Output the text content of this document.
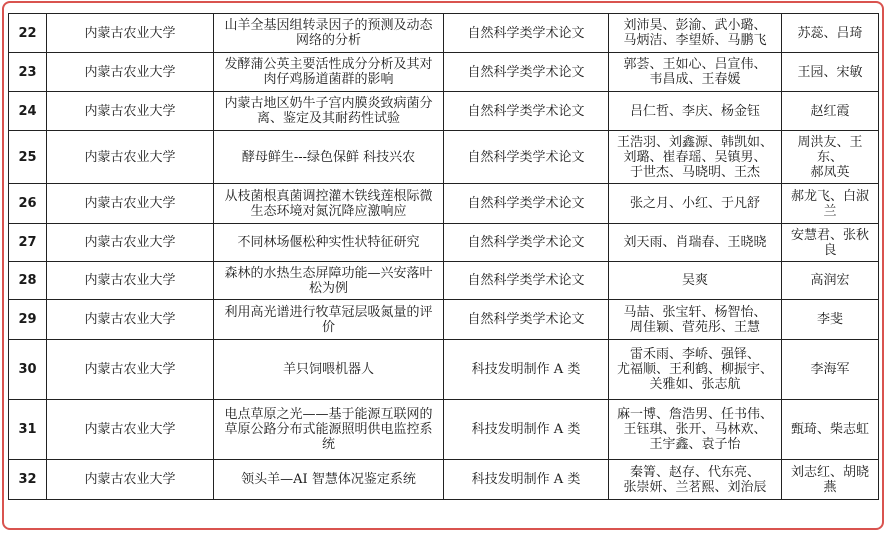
22	内蒙古农业大学	山羊全基因组转录因子的预测及动态
网络的分析	自然科学类学术论文	刘沛昊、彭渝、武小璐、
马炳洁、李望娇、马鹏飞	苏蕊、吕琦
23	内蒙古农业大学	发酵蒲公英主要活性成分分析及其对
肉仔鸡肠道菌群的影响	自然科学类学术论文	郭荟、王如心、吕宣伟、
韦昌成、王春媛	王园、宋敏
24	内蒙古农业大学	内蒙古地区奶牛子宫内膜炎致病菌分
离、鉴定及其耐药性试验	自然科学类学术论文	吕仁哲、李庆、杨金钰	赵红霞
25	内蒙古农业大学	酵母鲜生---绿色保鲜 科技兴农	自然科学类学术论文	王浩羽、刘鑫源、韩凯如、
刘璐、崔春瑶、吴镇男、
于世杰、马晓明、王杰	周洪友、王东、
郝凤英
26	内蒙古农业大学	从枝菌根真菌调控灌木铁线莲根际微
生态环境对氮沉降应激响应	自然科学类学术论文	张之月、小红、于凡舒	郝龙飞、白淑兰
27	内蒙古农业大学	不同林场偃松种实性状特征研究	自然科学类学术论文	刘天雨、肖瑞春、王晓晓	安慧君、张秋良
28	内蒙古农业大学	森林的水热生态屏障功能—兴安落叶
松为例	自然科学类学术论文	吴爽	高润宏
29	内蒙古农业大学	利用高光谱进行牧草冠层吸氮量的评
价	自然科学类学术论文	马喆、张宝轩、杨智怡、
周佳颖、菅苑彤、王慧	李斐
30	内蒙古农业大学	羊只饲喂机器人	科技发明制作 A 类	雷禾雨、李峤、强铎、
尤福顺、王利鹤、柳振宇、
关雅如、张志航	李海军
31	内蒙古农业大学	电点草原之光——基于能源互联网的
草原公路分布式能源照明供电监控系
统	科技发明制作 A 类	麻一博、詹浩男、任书伟、
王钰琪、张开、马林欢、
王宇鑫、袁子怡	甄琦、柴志虹
32	内蒙古农业大学	领头羊—AI 智慧体况鉴定系统	科技发明制作 A 类	秦箐、赵存、代东亮、
张崇妍、兰茗熙、刘治辰	刘志红、胡晓燕
